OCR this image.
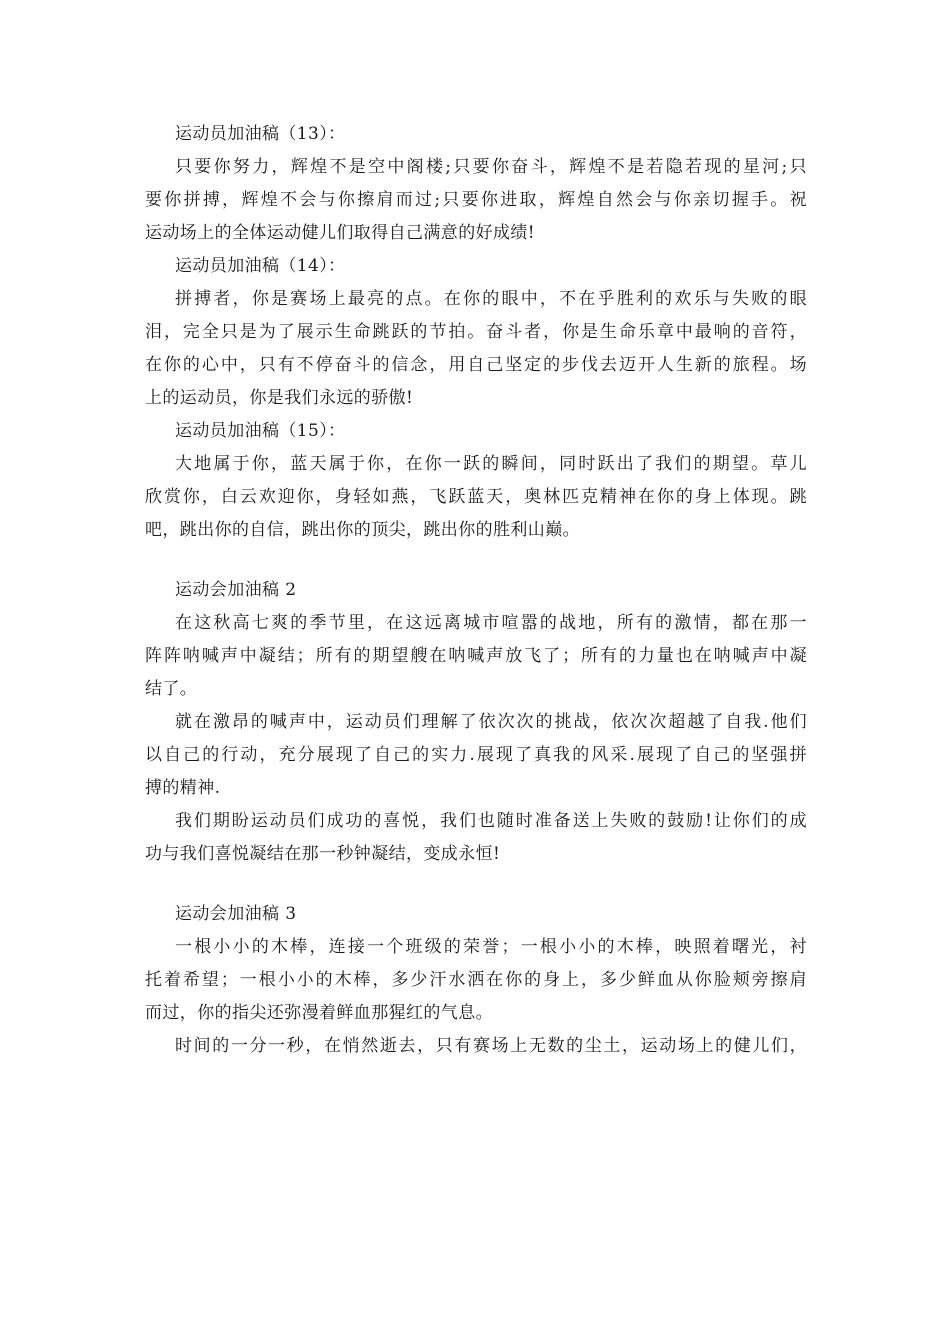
运动员加油稿（13）：
只要你努力，辉煌不是空中阁楼;只要你奋斗，辉煌不是若隐若现的星河;只
要你拼搏，辉煌不会与你擦肩而过;只要你进取，辉煌自然会与你亲切握手。祝
运动场上的全体运动健儿们取得自己满意的好成绩!
运动员加油稿（14）：
拼搏者，你是赛场上最亮的点。在你的眼中，不在乎胜利的欢乐与失败的眼
泪，完全只是为了展示生命跳跃的节拍。奋斗者，你是生命乐章中最响的音符，
在你的心中，只有不停奋斗的信念，用自己坚定的步伐去迈开人生新的旅程。场
上的运动员，你是我们永远的骄傲!
运动员加油稿（15）：
大地属于你，蓝天属于你，在你一跃的瞬间，同时跃出了我们的期望。草儿
欣赏你，白云欢迎你，身轻如燕，飞跃蓝天，奥林匹克精神在你的身上体现。跳
吧，跳出你的自信，跳出你的顶尖，跳出你的胜利山巅。
运动会加油稿 2
在这秋高七爽的季节里，在这远离城市喧嚣的战地，所有的激情，都在那一
阵阵呐喊声中凝结；所有的期望艘在呐喊声放飞了；所有的力量也在呐喊声中凝
结了。
就在激昂的喊声中，运动员们理解了依次次的挑战，依次次超越了自我.他们
以自己的行动，充分展现了自己的实力.展现了真我的风采.展现了自己的坚强拼
搏的精神.
我们期盼运动员们成功的喜悦，我们也随时准备送上失败的鼓励!让你们的成
功与我们喜悦凝结在那一秒钟凝结，变成永恒!
运动会加油稿 3
一根小小的木棒，连接一个班级的荣誉；一根小小的木棒，映照着曙光，衬
托着希望；一根小小的木棒，多少汗水洒在你的身上，多少鲜血从你脸颊旁擦肩
而过，你的指尖还弥漫着鲜血那猩红的气息。
时间的一分一秒，在悄然逝去，只有赛场上无数的尘土，运动场上的健儿们，
